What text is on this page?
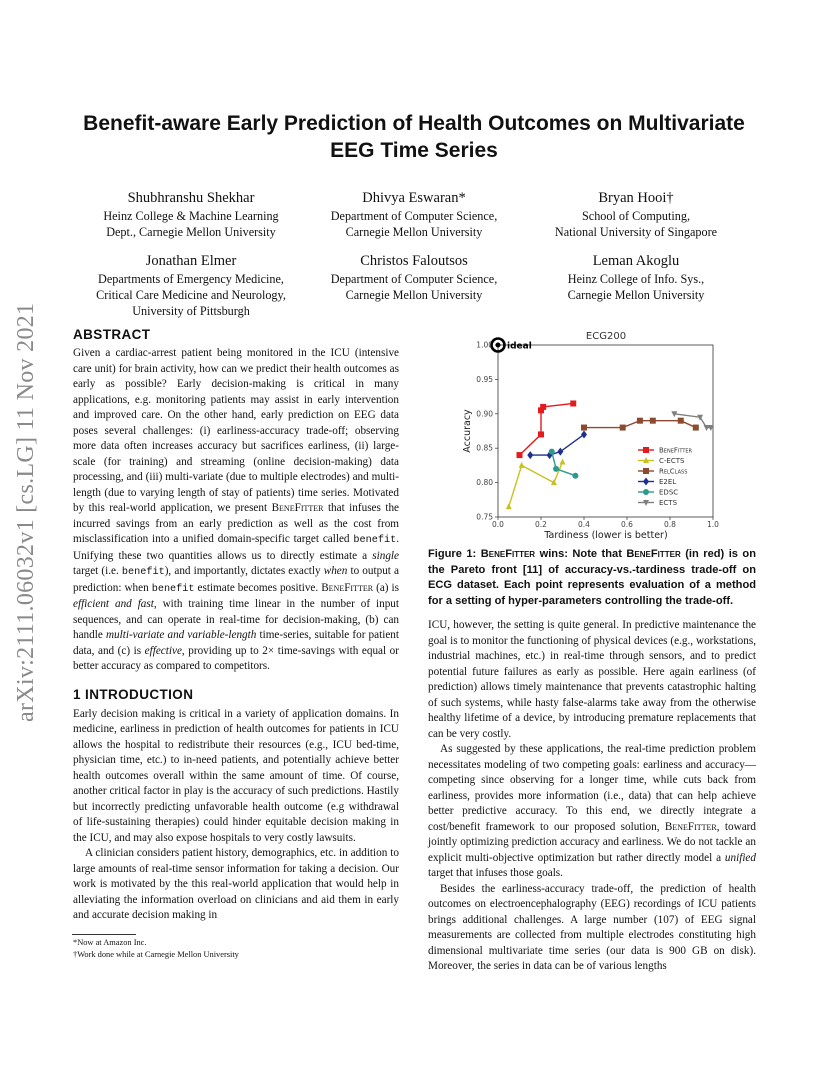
arXiv:2111.06032v1 [cs.LG] 11 Nov 2021
Benefit-aware Early Prediction of Health Outcomes on Multivariate EEG Time Series
Shubhranshu Shekhar
Heinz College & Machine Learning
Dept., Carnegie Mellon University
Dhivya Eswaran*
Department of Computer Science,
Carnegie Mellon University
Bryan Hooi†
School of Computing,
National University of Singapore
Jonathan Elmer
Departments of Emergency Medicine,
Critical Care Medicine and Neurology,
University of Pittsburgh
Christos Faloutsos
Department of Computer Science,
Carnegie Mellon University
Leman Akoglu
Heinz College of Info. Sys.,
Carnegie Mellon University
ABSTRACT

Given a cardiac-arrest patient being monitored in the ICU (intensive care unit) for brain activity, how can we predict their health outcomes as early as possible? Early decision-making is critical in many applications, e.g. monitoring patients may assist in early intervention and improved care. On the other hand, early prediction on EEG data poses several challenges: (i) earliness-accuracy trade-off; observing more data often increases accuracy but sacrifices earliness, (ii) large-scale (for training) and streaming (online decision-making) data processing, and (iii) multi-variate (due to multiple electrodes) and multi-length (due to varying length of stay of patients) time series. Motivated by this real-world application, we present BeneFitter that infuses the incurred savings from an early prediction as well as the cost from misclassification into a unified domain-specific target called benefit. Unifying these two quantities allows us to directly estimate a single target (i.e. benefit), and importantly, dictates exactly when to output a prediction: when benefit estimate becomes positive. BeneFitter (a) is efficient and fast, with training time linear in the number of input sequences, and can operate in real-time for decision-making, (b) can handle multi-variate and variable-length time-series, suitable for patient data, and (c) is effective, providing up to 2× time-savings with equal or better accuracy as compared to competitors.

1 INTRODUCTION

Early decision making is critical in a variety of application domains. In medicine, earliness in prediction of health outcomes for patients in ICU allows the hospital to redistribute their resources (e.g., ICU bed-time, physician time, etc.) to in-need patients, and potentially achieve better health outcomes overall within the same amount of time. Of course, another critical factor in play is the accuracy of such predictions. Hastily but incorrectly predicting unfavorable health outcome (e.g withdrawal of life-sustaining therapies) could hinder equitable decision making in the ICU, and may also expose hospitals to very costly lawsuits.

A clinician considers patient history, demographics, etc. in addition to large amounts of real-time sensor information for taking a decision. Our work is motivated by the this real-world application that would help in alleviating the information overload on clinicians and aid them in early and accurate decision making in

*Now at Amazon Inc.
†Work done while at Carnegie Mellon University
ECG200
0.0	0.2	0.4	0.6	0.8	1.0
0.75
0.80
0.85
0.90
0.95
1.00 ideal
BeneFitter
C-ECTS
RelClass
E2EL
EDSC
ECTS
Tardiness (lower is better)
Accuracy
Figure 1: BeneFitter wins: Note that BeneFitter (in red) is on the Pareto front [11] of accuracy-vs.-tardiness trade-off on ECG dataset. Each point represents evaluation of a method for a setting of hyper-parameters controlling the trade-off.

ICU, however, the setting is quite general. In predictive maintenance the goal is to monitor the functioning of physical devices (e.g., workstations, industrial machines, etc.) in real-time through sensors, and to predict potential future failures as early as possible. Here again earliness (of prediction) allows timely maintenance that prevents catastrophic halting of such systems, while hasty false-alarms take away from the otherwise healthy lifetime of a device, by introducing premature replacements that can be very costly.

As suggested by these applications, the real-time prediction problem necessitates modeling of two competing goals: earliness and accuracy—competing since observing for a longer time, while cuts back from earliness, provides more information (i.e., data) that can help achieve better predictive accuracy. To this end, we directly integrate a cost/benefit framework to our proposed solution, BeneFitter, toward jointly optimizing prediction accuracy and earliness. We do not tackle an explicit multi-objective optimization but rather directly model a unified target that infuses those goals.

Besides the earliness-accuracy trade-off, the prediction of health outcomes on electroencephalography (EEG) recordings of ICU patients brings additional challenges. A large number (107) of EEG signal measurements are collected from multiple electrodes constituting high dimensional multivariate time series (our data is 900 GB on disk). Moreover, the series in data can be of various lengths
